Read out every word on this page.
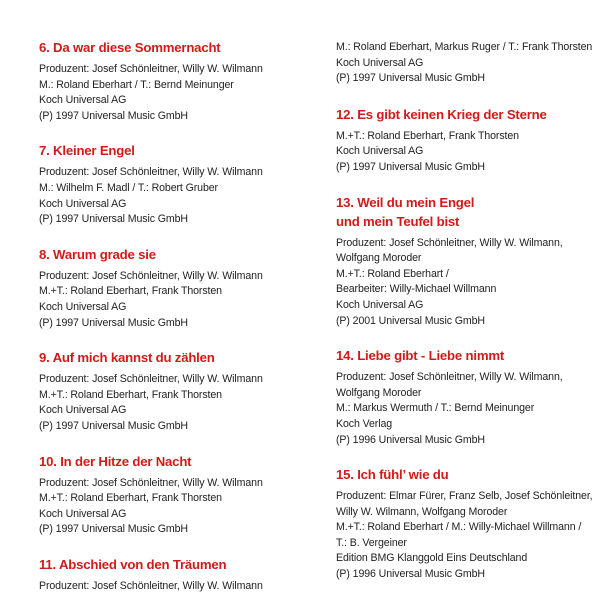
6. Da war diese Sommernacht
Produzent: Josef Schönleitner, Willy W. Wilmann
M.: Roland Eberhart / T.: Bernd Meinunger
Koch Universal AG
(P) 1997 Universal Music GmbH
7. Kleiner Engel
Produzent: Josef Schönleitner, Willy W. Wilmann
M.: Wilhelm F. Madl / T.: Robert Gruber
Koch Universal AG
(P) 1997 Universal Music GmbH
8. Warum grade sie
Produzent: Josef Schönleitner, Willy W. Wilmann
M.+T.: Roland Eberhart, Frank Thorsten
Koch Universal AG
(P) 1997 Universal Music GmbH
9. Auf mich kannst du zählen
Produzent: Josef Schönleitner, Willy W. Wilmann
M.+T.: Roland Eberhart, Frank Thorsten
Koch Universal AG
(P) 1997 Universal Music GmbH
10. In der Hitze der Nacht
Produzent: Josef Schönleitner, Willy W. Wilmann
M.+T.: Roland Eberhart, Frank Thorsten
Koch Universal AG
(P) 1997 Universal Music GmbH
11. Abschied von den Träumen
Produzent: Josef Schönleitner, Willy W. Wilmann
M.: Roland Eberhart, Markus Ruger / T.: Frank Thorsten
Koch Universal AG
(P) 1997 Universal Music GmbH
12. Es gibt keinen Krieg der Sterne
M.+T.: Roland Eberhart, Frank Thorsten
Koch Universal AG
(P) 1997 Universal Music GmbH
13. Weil du mein Engel
und mein Teufel bist
Produzent: Josef Schönleitner, Willy W. Wilmann,
Wolfgang Moroder
M.+T.: Roland Eberhart /
Bearbeiter: Willy-Michael Willmann
Koch Universal AG
(P) 2001 Universal Music GmbH
14. Liebe gibt - Liebe nimmt
Produzent: Josef Schönleitner, Willy W. Wilmann,
Wolfgang Moroder
M.: Markus Wermuth / T.: Bernd Meinunger
Koch Verlag
(P) 1996 Universal Music GmbH
15. Ich fühl’ wie du
Produzent: Elmar Fürer, Franz Selb, Josef Schönleitner,
Willy W. Wilmann, Wolfgang Moroder
M.+T.: Roland Eberhart / M.: Willy-Michael Willmann /
T.: B. Vergeiner
Edition BMG Klanggold Eins Deutschland
(P) 1996 Universal Music GmbH
